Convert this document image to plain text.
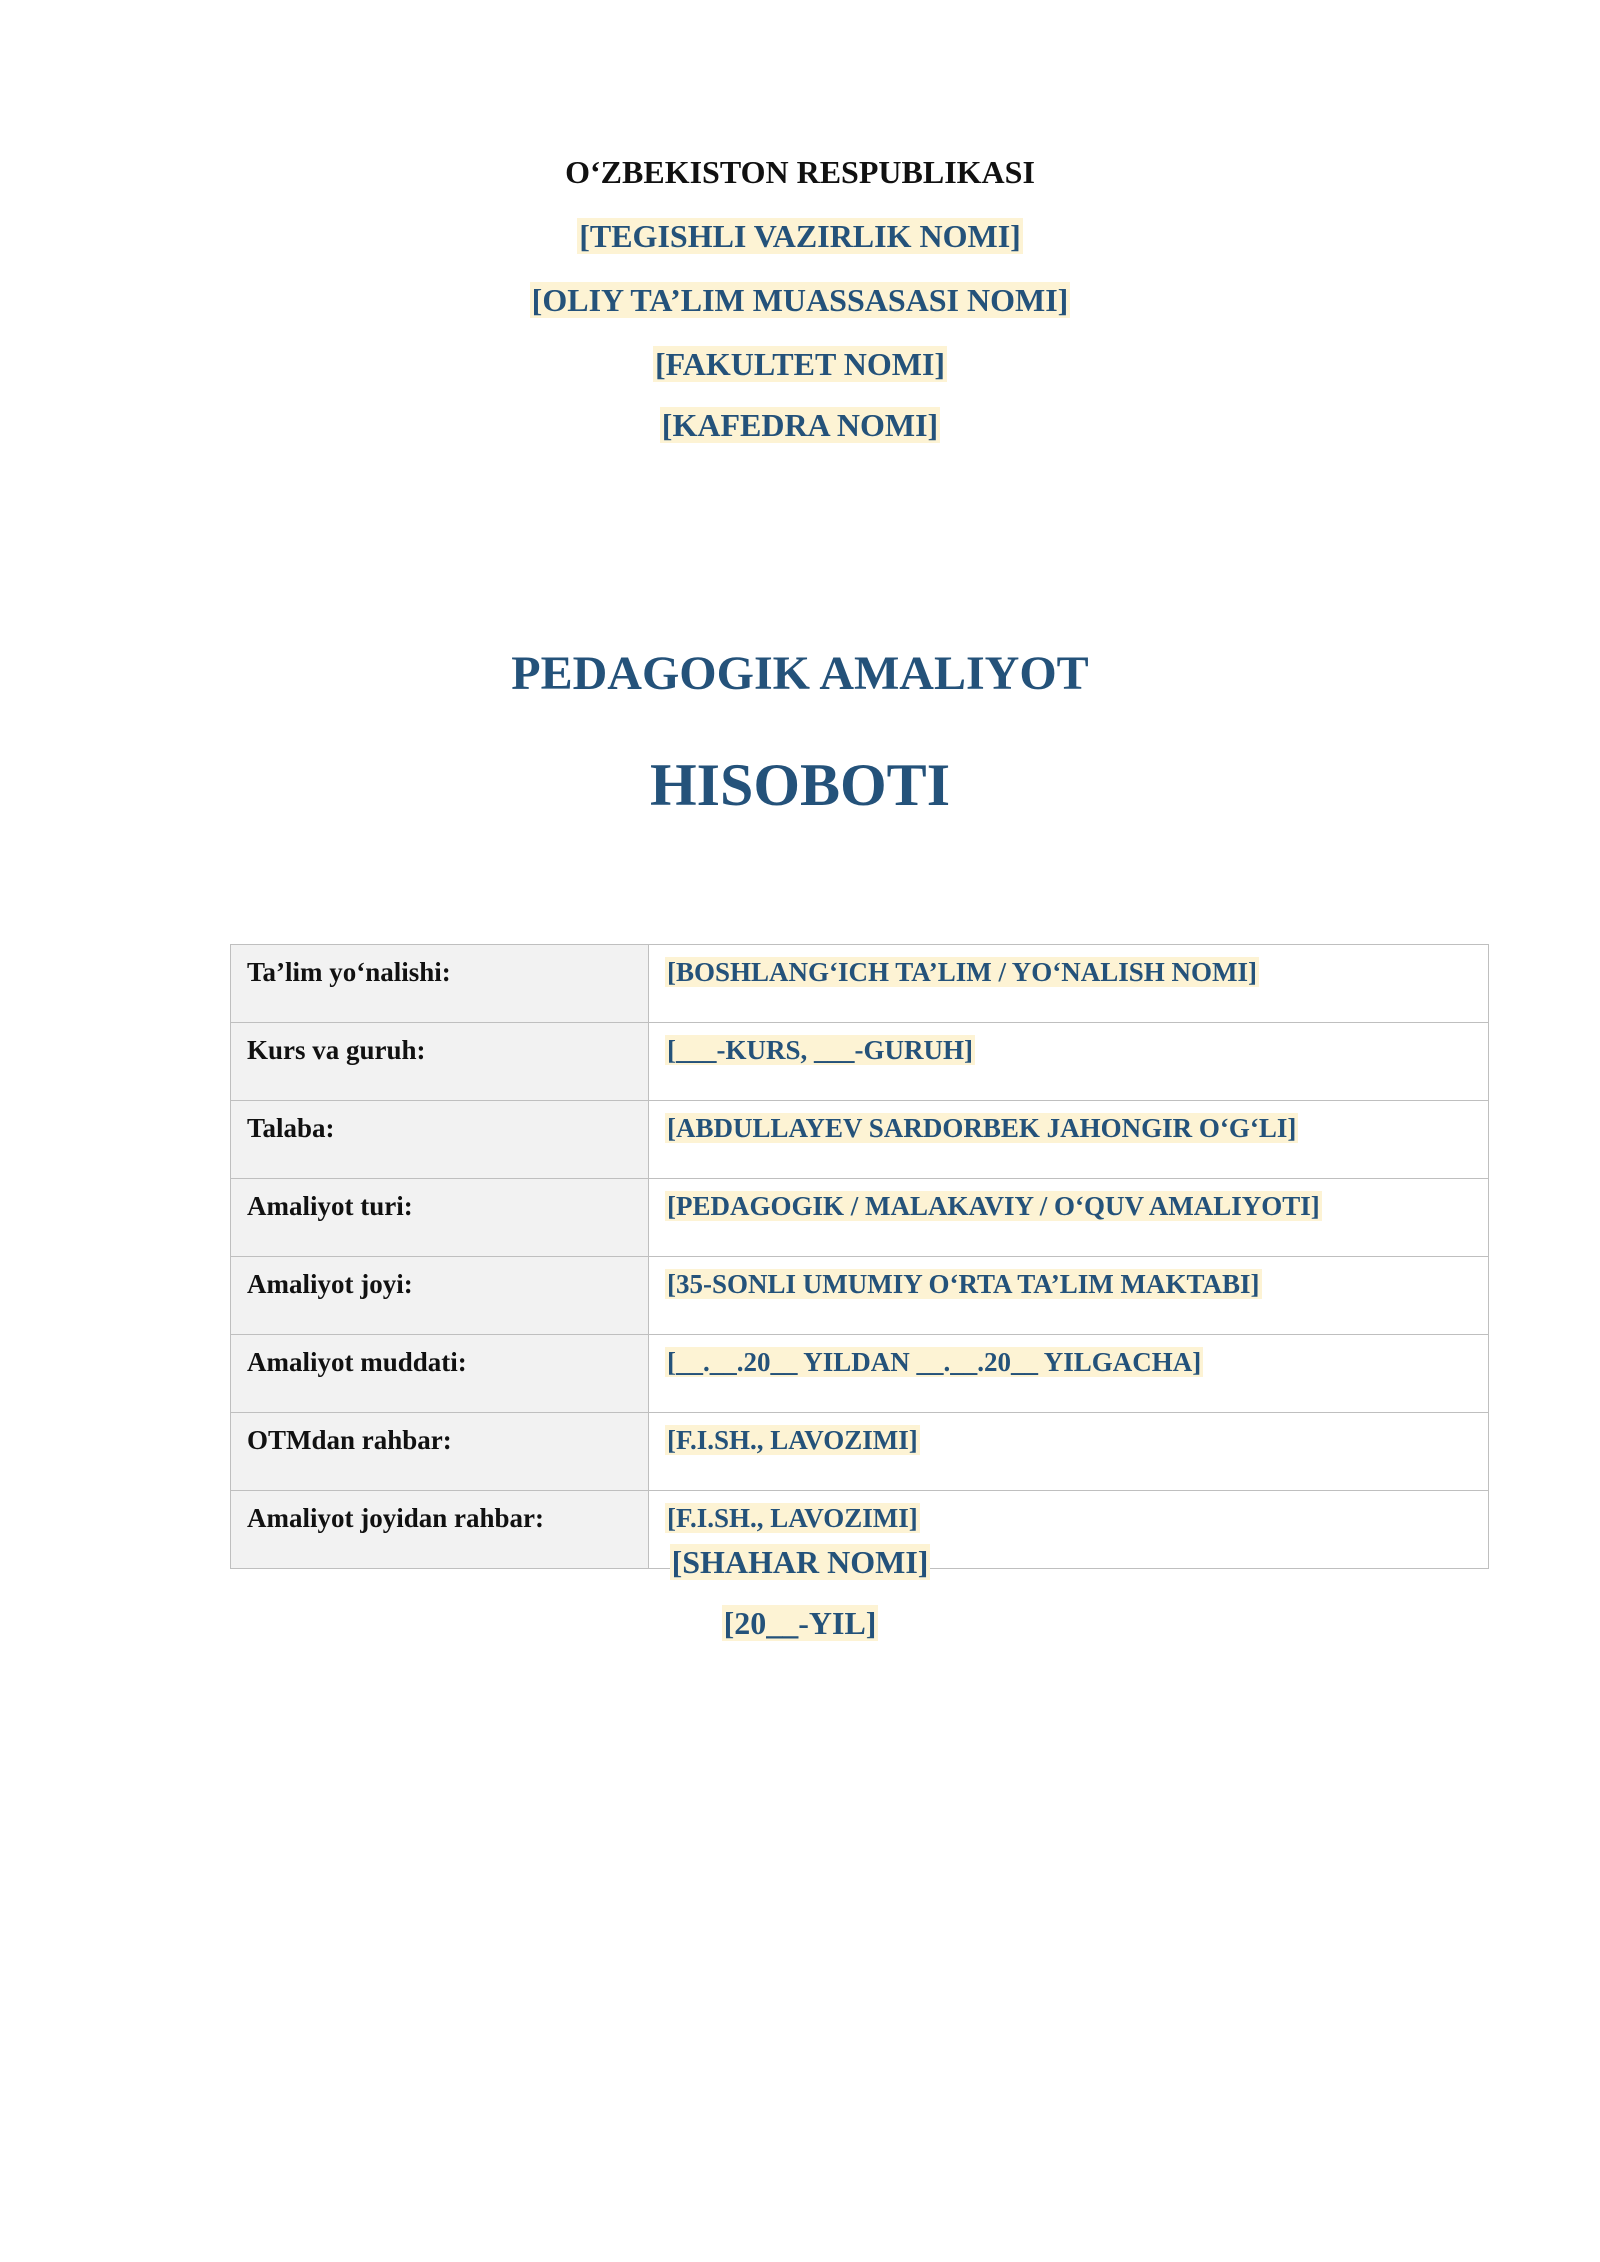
O‘ZBEKISTON RESPUBLIKASI
[TEGISHLI VAZIRLIK NOMI]
[OLIY TA’LIM MUASSASASI NOMI]
[FAKULTET NOMI]
[KAFEDRA NOMI]
PEDAGOGIK AMALIYOT
HISOBOTI
Ta’lim yo‘nalishi:	[BOSHLANG‘ICH TA’LIM / YO‘NALISH NOMI]
Kurs va guruh:	[___-KURS, ___-GURUH]
Talaba:	[ABDULLAYEV SARDORBEK JAHONGIR O‘G‘LI]
Amaliyot turi:	[PEDAGOGIK / MALAKAVIY / O‘QUV AMALIYOTI]
Amaliyot joyi:	[35-SONLI UMUMIY O‘RTA TA’LIM MAKTABI]
Amaliyot muddati:	[__.__.20__ YILDAN __.__.20__ YILGACHA]
OTMdan rahbar:	[F.I.SH., LAVOZIMI]
Amaliyot joyidan rahbar:	[F.I.SH., LAVOZIMI]
[SHAHAR NOMI]
[20__-YIL]
